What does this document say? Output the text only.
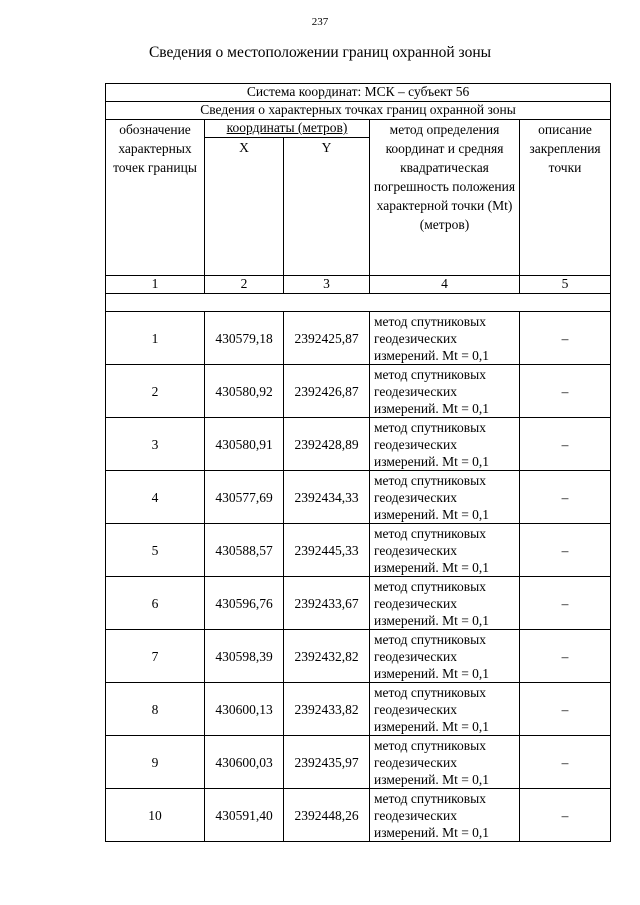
237
Сведения о местоположении границ охранной зоны
Система координат: МСК – субъект 56				
Сведения о характерных точках границ охранной зоны				
обозначение характерных точек границы	координаты (метров)		метод определения координат и средняя квадратическая погрешность положения характерной точки (Mt) (метров)	описание закрепления точки
	X	Y		
1	2	3	4	5

1	430579,18	2392425,87	метод спутниковых геодезических измерений. Mt = 0,1	–
2	430580,92	2392426,87	метод спутниковых геодезических измерений. Mt = 0,1	–
3	430580,91	2392428,89	метод спутниковых геодезических измерений. Mt = 0,1	–
4	430577,69	2392434,33	метод спутниковых геодезических измерений. Mt = 0,1	–
5	430588,57	2392445,33	метод спутниковых геодезических измерений. Mt = 0,1	–
6	430596,76	2392433,67	метод спутниковых геодезических измерений. Mt = 0,1	–
7	430598,39	2392432,82	метод спутниковых геодезических измерений. Mt = 0,1	–
8	430600,13	2392433,82	метод спутниковых геодезических измерений. Mt = 0,1	–
9	430600,03	2392435,97	метод спутниковых геодезических измерений. Mt = 0,1	–
10	430591,40	2392448,26	метод спутниковых геодезических измерений. Mt = 0,1	–
